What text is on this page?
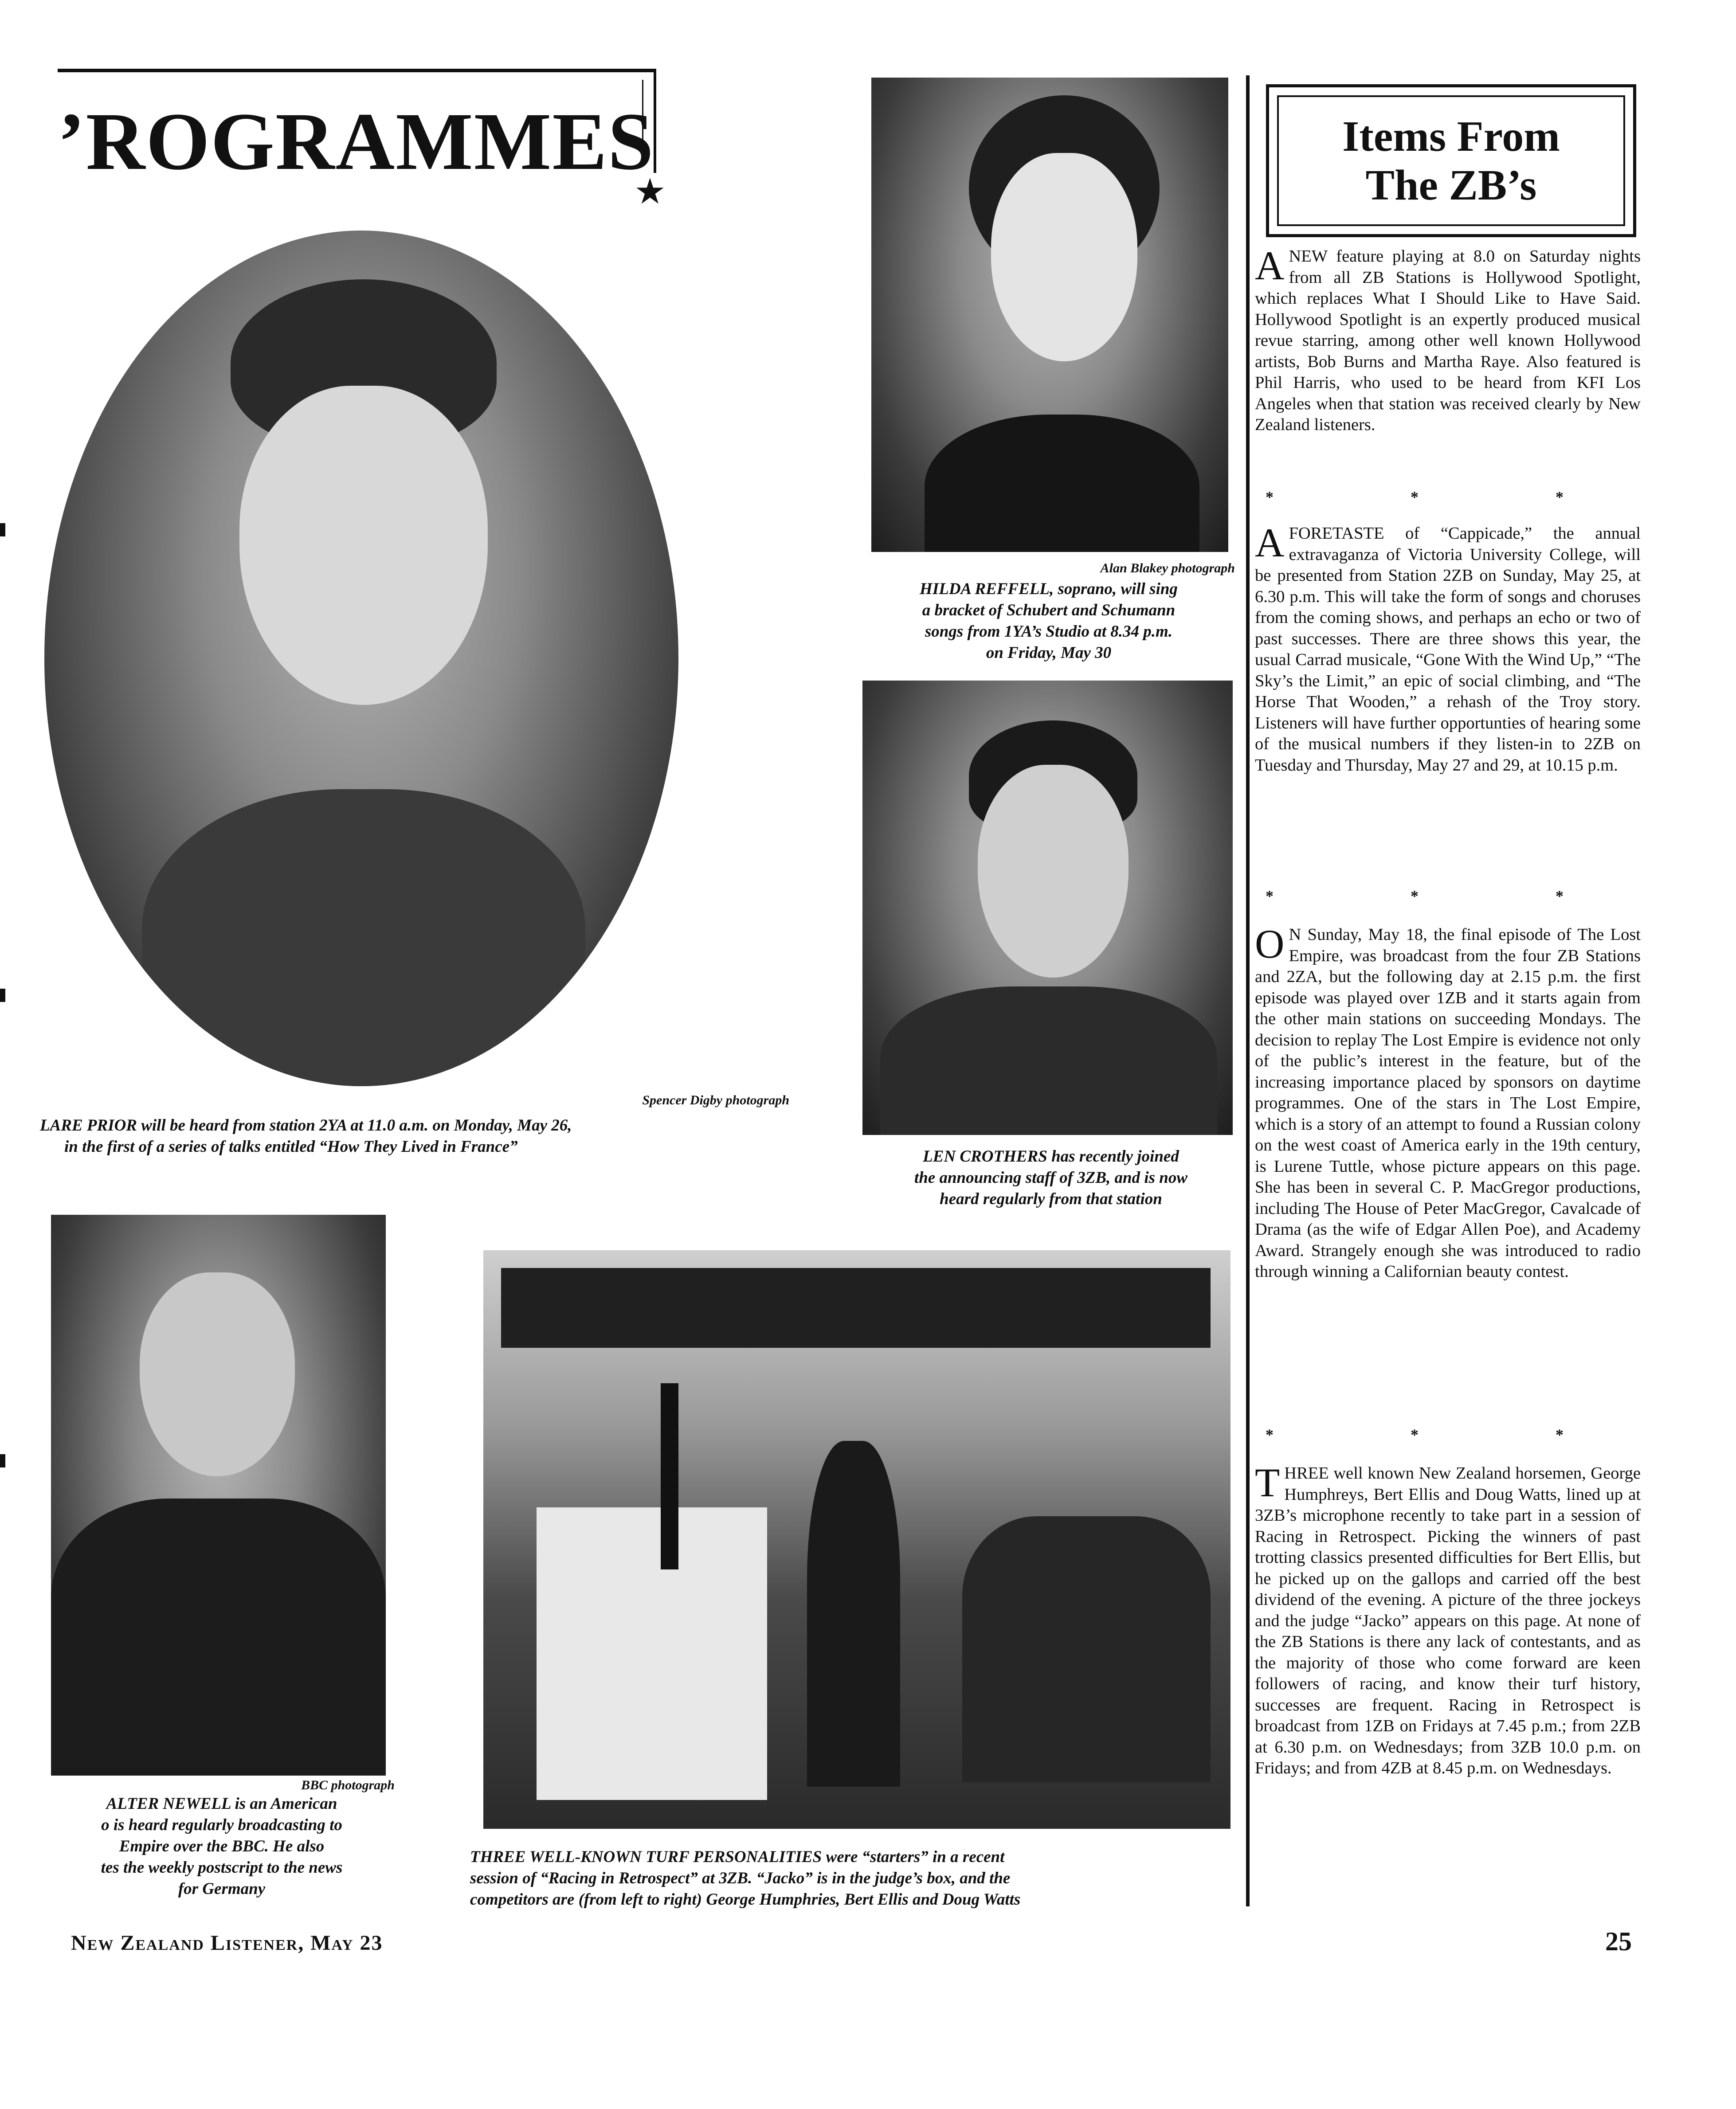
’ROGRAMMES
★
Spencer Digby photograph
LARE PRIOR will be heard from station 2YA at 11.0 a.m. on Monday, May 26,
in the first of a series of talks entitled “How They Lived in France”
Alan Blakey photograph
HILDA REFFELL, soprano, will sing
a bracket of Schubert and Schumann
songs from 1YA’s Studio at 8.34 p.m.
on Friday, May 30
LEN CROTHERS has recently joined
the announcing staff of 3ZB, and is now
heard regularly from that station
BBC photograph
ALTER NEWELL is an American
o is heard regularly broadcasting to
Empire over the BBC. He also
tes the weekly postscript to the news
for Germany
THREE WELL-KNOWN TURF PERSONALITIES were “starters” in a recent
session of “Racing in Retrospect” at 3ZB. “Jacko” is in the judge’s box, and the
competitors are (from left to right) George Humphries, Bert Ellis and Doug Watts
Items From
The ZB’s
ANEW feature playing at 8.0 on Saturday nights from all ZB Stations is Hollywood Spotlight, which replaces What I Should Like to Have Said. Hollywood Spotlight is an expertly produced musical revue starring, among other well known Hollywood artists, Bob Burns and Martha Raye. Also featured is Phil Harris, who used to be heard from KFI Los Angeles when that station was received clearly by New Zealand listeners.
* * *
AFORETASTE of “Cappicade,” the annual extravaganza of Victoria University College, will be presented from Station 2ZB on Sunday, May 25, at 6.30 p.m. This will take the form of songs and choruses from the coming shows, and perhaps an echo or two of past successes. There are three shows this year, the usual Carrad musicale, “Gone With the Wind Up,” “The Sky’s the Limit,” an epic of social climbing, and “The Horse That Wooden,” a rehash of the Troy story. Listeners will have further opportunties of hearing some of the musical numbers if they listen-in to 2ZB on Tuesday and Thursday, May 27 and 29, at 10.15 p.m.
* * *
O N Sunday, May 18, the final episode of The Lost Empire, was broadcast from the four ZB Stations and 2ZA, but the following day at 2.15 p.m. the first episode was played over 1ZB and it starts again from the other main stations on succeeding Mondays. The decision to replay The Lost Empire is evidence not only of the public’s interest in the feature, but of the increasing importance placed by sponsors on daytime programmes. One of the stars in The Lost Empire, which is a story of an attempt to found a Russian colony on the west coast of America early in the 19th century, is Lurene Tuttle, whose picture appears on this page. She has been in several C. P. MacGregor productions, including The House of Peter MacGregor, Cavalcade of Drama (as the wife of Edgar Allen Poe), and Academy Award. Strangely enough she was introduced to radio through winning a Californian beauty contest.
* * *
THREE well known New Zealand horsemen, George Humphreys, Bert Ellis and Doug Watts, lined up at 3ZB’s microphone recently to take part in a session of Racing in Retrospect. Picking the winners of past trotting classics presented difficulties for Bert Ellis, but he picked up on the gallops and carried off the best dividend of the evening. A picture of the three jockeys and the judge “Jacko” appears on this page. At none of the ZB Stations is there any lack of contestants, and as the majority of those who come forward are keen followers of racing, and know their turf history, successes are frequent. Racing in Retrospect is broadcast from 1ZB on Fridays at 7.45 p.m.; from 2ZB at 6.30 p.m. on Wednesdays; from 3ZB 10.0 p.m. on Fridays; and from 4ZB at 8.45 p.m. on Wednesdays.
New Zealand Listener, May 23	25
